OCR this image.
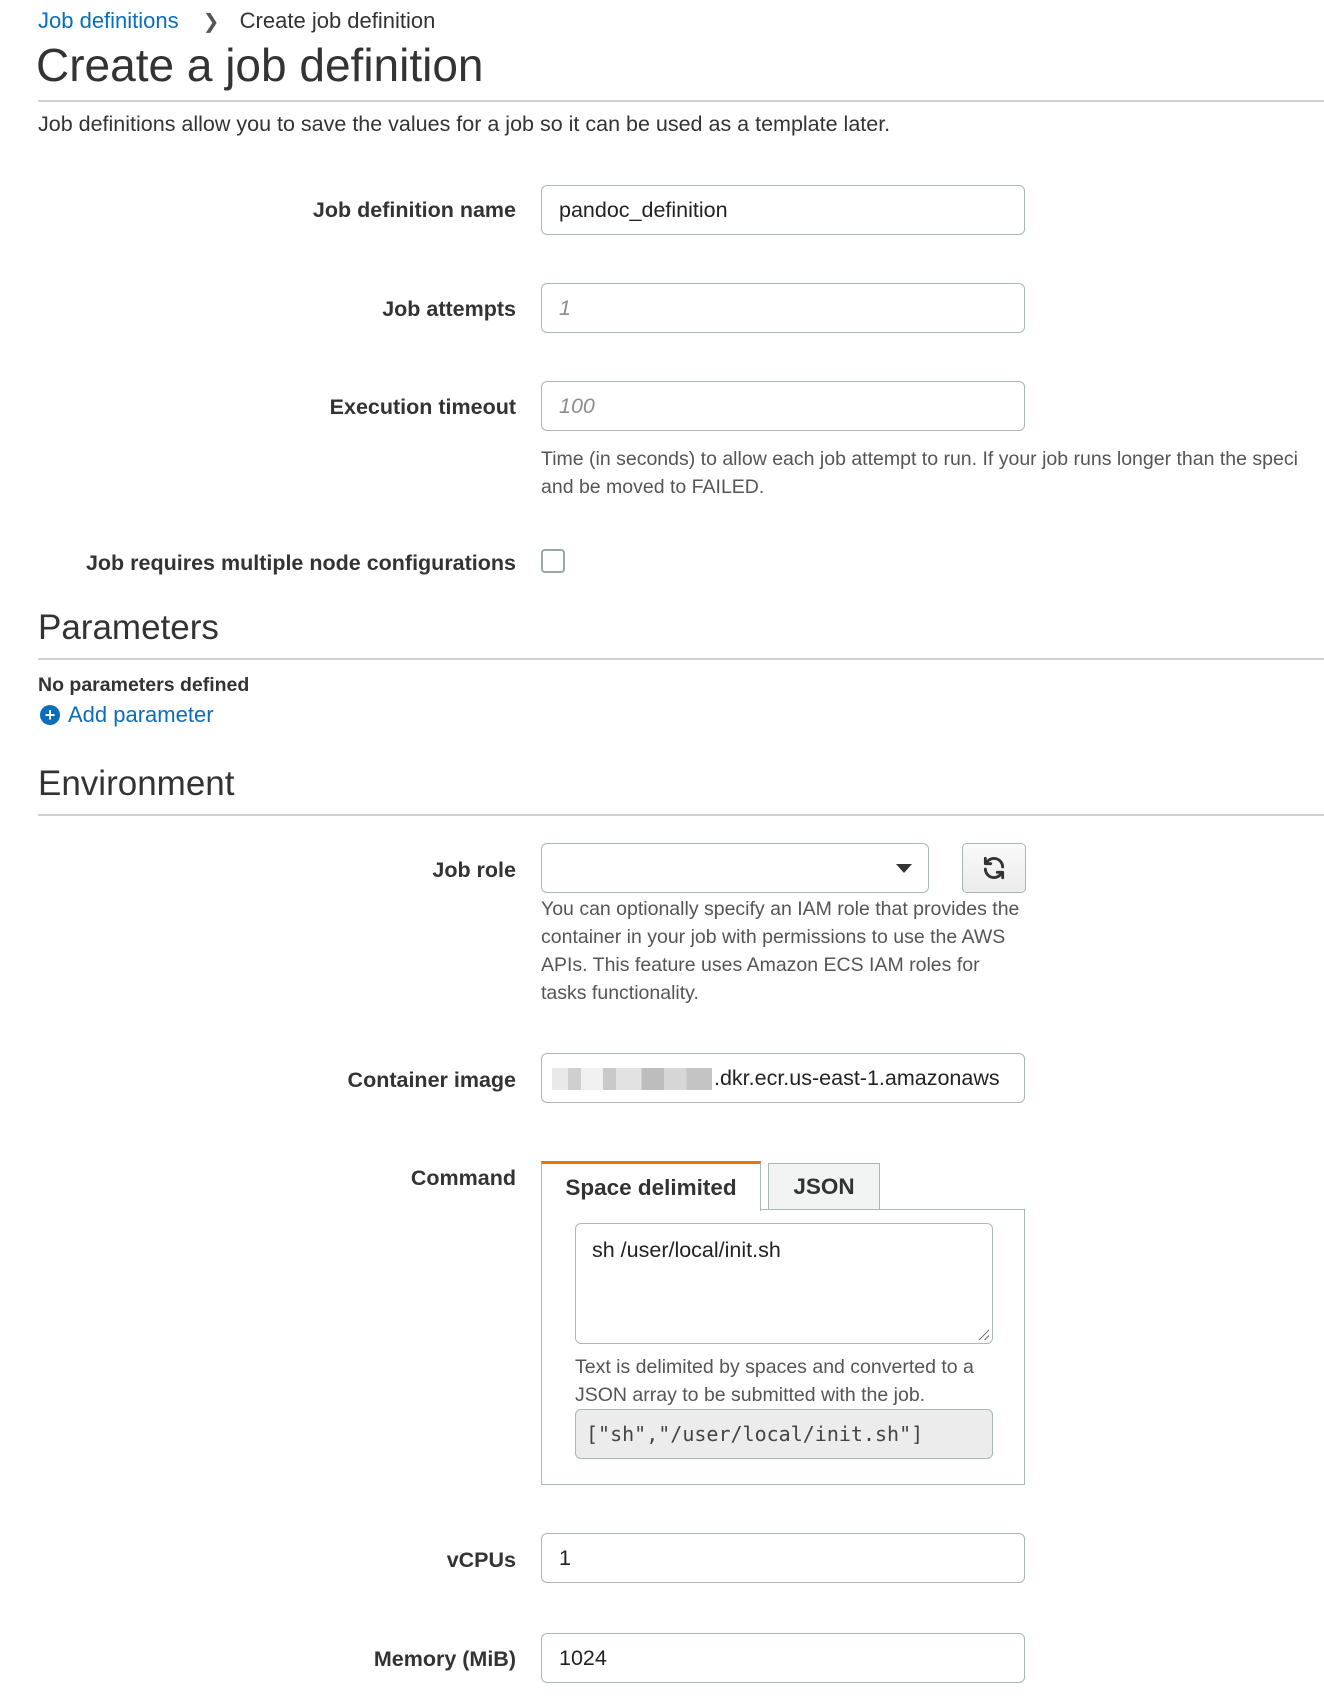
Job definitions ❯ Create job definition
Create a job definition
Job definitions allow you to save the values for a job so it can be used as a template later.
Job definition name	pandoc_definition
Job attempts	1
Execution timeout	100
Time (in seconds) to allow each job attempt to run. If your job runs longer than the speci
and be moved to FAILED.
Job requires multiple node configurations
Parameters
No parameters defined
+ Add parameter
Environment
Job role
You can optionally specify an IAM role that provides the container in your job with permissions to use the AWS APIs. This feature uses Amazon ECS IAM roles for tasks functionality.
Container image	.dkr.ecr.us-east-1.amazonaws
Command	Space delimited	JSON
sh /user/local/init.sh
Text is delimited by spaces and converted to a JSON array to be submitted with the job.
["sh","/user/local/init.sh"]
vCPUs	1
Memory (MiB)	1024
